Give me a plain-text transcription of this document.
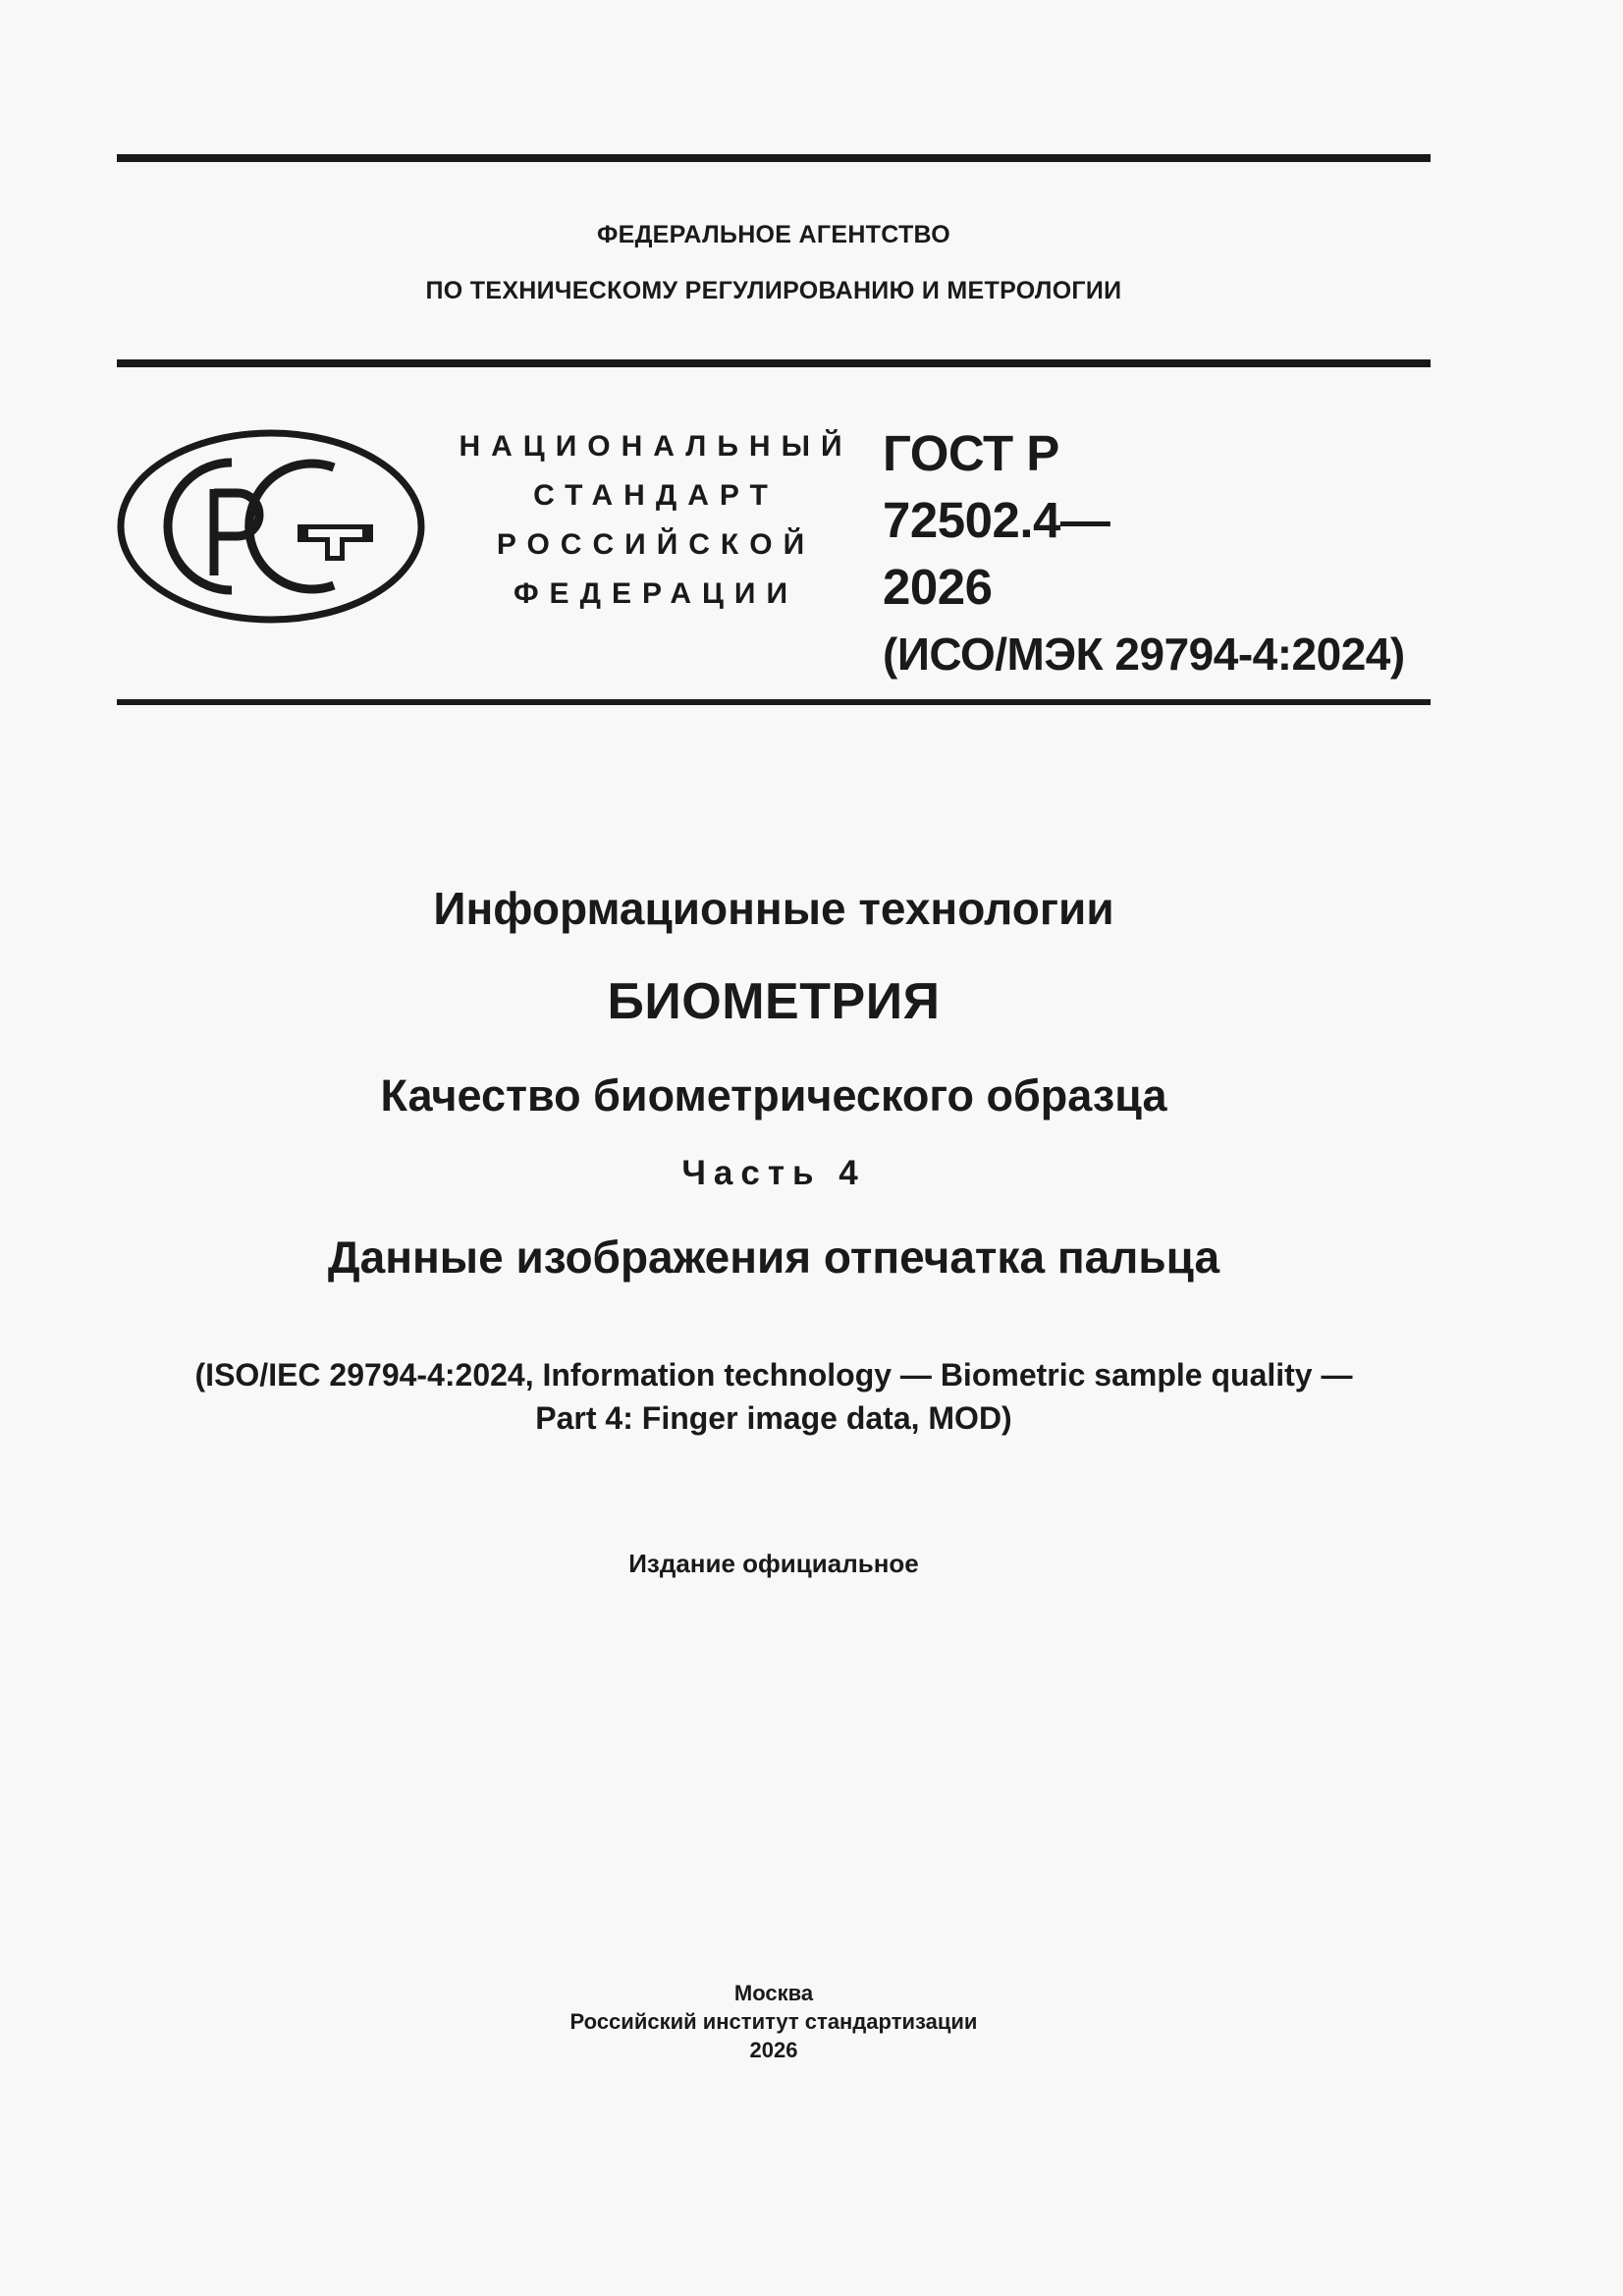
ФЕДЕРАЛЬНОЕ АГЕНТСТВО
ПО ТЕХНИЧЕСКОМУ РЕГУЛИРОВАНИЮ И МЕТРОЛОГИИ
НАЦИОНАЛЬНЫЙ
СТАНДАРТ
РОССИЙСКОЙ
ФЕДЕРАЦИИ
ГОСТ Р
72502.4—
2026
(ИСО/МЭК 29794-4:2024)
Информационные технологии
БИОМЕТРИЯ
Качество биометрического образца
Часть 4
Данные изображения отпечатка пальца
(ISO/IEC 29794-4:2024, Information technology — Biometric sample quality —
Part 4: Finger image data, MOD)
Издание официальное
Москва
Российский институт стандартизации
2026
